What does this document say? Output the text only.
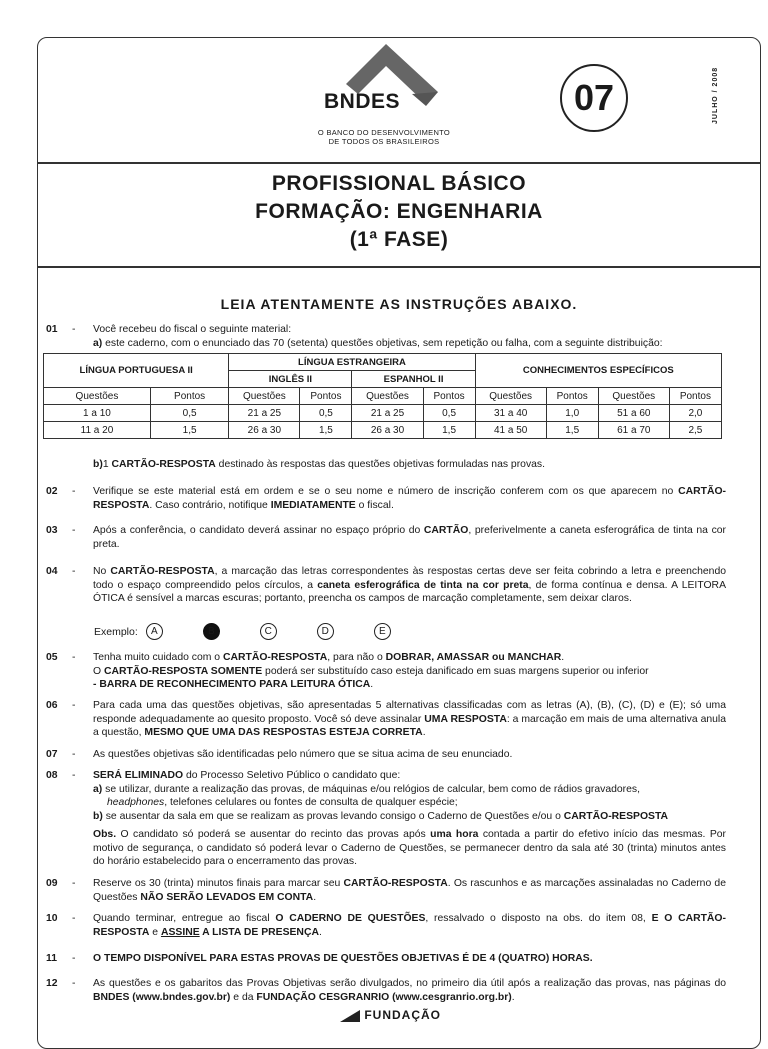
BNDES
O BANCO DO DESENVOLVIMENTO
DE TODOS OS BRASILEIROS
07	JULHO / 2008
PROFISSIONAL BÁSICO
FORMAÇÃO: ENGENHARIA
(1ª FASE)
LEIA ATENTAMENTE AS INSTRUÇÕES ABAIXO.
01 - Você recebeu do fiscal o seguinte material:
a) este caderno, com o enunciado das 70 (setenta) questões objetivas, sem repetição ou falha, com a seguinte distribuição:
LÍNGUA PORTUGUESA II		LÍNGUA ESTRANGEIRA				CONHECIMENTOS ESPECÍFICOS			
		INGLÊS II		ESPANHOL II					
Questões	Pontos	Questões	Pontos	Questões	Pontos	Questões	Pontos	Questões	Pontos
1 a 10	0,5	21 a 25	0,5	21 a 25	0,5	31 a 40	1,0	51 a 60	2,0
11 a 20	1,5	26 a 30	1,5	26 a 30	1,5	41 a 50	1,5	61 a 70	2,5
b)1 CARTÃO-RESPOSTA destinado às respostas das questões objetivas formuladas nas provas.
02 - Verifique se este material está em ordem e se o seu nome e número de inscrição conferem com os que aparecem no CARTÃO-RESPOSTA. Caso contrário, notifique IMEDIATAMENTE o fiscal.
03 - Após a conferência, o candidato deverá assinar no espaço próprio do CARTÃO, preferivelmente a caneta esferográfica de tinta na cor preta.
04 - No CARTÃO-RESPOSTA, a marcação das letras correspondentes às respostas certas deve ser feita cobrindo a letra e preenchendo todo o espaço compreendido pelos círculos, a caneta esferográfica de tinta na cor preta, de forma contínua e densa. A LEITORA ÓTICA é sensível a marcas escuras; portanto, preencha os campos de marcação completamente, sem deixar claros.
Exemplo:	A	B	C	D	E
05 - Tenha muito cuidado com o CARTÃO-RESPOSTA, para não o DOBRAR, AMASSAR ou MANCHAR.
O CARTÃO-RESPOSTA SOMENTE poderá ser substituído caso esteja danificado em suas margens superior ou inferior
- BARRA DE RECONHECIMENTO PARA LEITURA ÓTICA.
06 - Para cada uma das questões objetivas, são apresentadas 5 alternativas classificadas com as letras (A), (B), (C), (D) e (E); só uma responde adequadamente ao quesito proposto. Você só deve assinalar UMA RESPOSTA: a marcação em mais de uma alternativa anula a questão, MESMO QUE UMA DAS RESPOSTAS ESTEJA CORRETA.
07 - As questões objetivas são identificadas pelo número que se situa acima de seu enunciado.
08 - SERÁ ELIMINADO do Processo Seletivo Público o candidato que:
a) se utilizar, durante a realização das provas, de máquinas e/ou relógios de calcular, bem como de rádios gravadores,
headphones, telefones celulares ou fontes de consulta de qualquer espécie;
b) se ausentar da sala em que se realizam as provas levando consigo o Caderno de Questões e/ou o CARTÃO-RESPOSTA
Obs. O candidato só poderá se ausentar do recinto das provas após uma hora contada a partir do efetivo início das mesmas. Por motivo de segurança, o candidato só poderá levar o Caderno de Questões, se permanecer dentro da sala até 30 (trinta) minutos antes do horário estabelecido para o encerramento das provas.
09 - Reserve os 30 (trinta) minutos finais para marcar seu CARTÃO-RESPOSTA. Os rascunhos e as marcações assinaladas no Caderno de Questões NÃO SERÃO LEVADOS EM CONTA.
10 - Quando terminar, entregue ao fiscal O CADERNO DE QUESTÕES, ressalvado o disposto na obs. do item 08, E O CARTÃO-RESPOSTA e ASSINE A LISTA DE PRESENÇA.
11 - O TEMPO DISPONÍVEL PARA ESTAS PROVAS DE QUESTÕES OBJETIVAS É DE 4 (QUATRO) HORAS.
12 - As questões e os gabaritos das Provas Objetivas serão divulgados, no primeiro dia útil após a realização das provas, nas páginas do BNDES (www.bndes.gov.br) e da FUNDAÇÃO CESGRANRIO (www.cesgranrio.org.br).
FUNDAÇÃO
